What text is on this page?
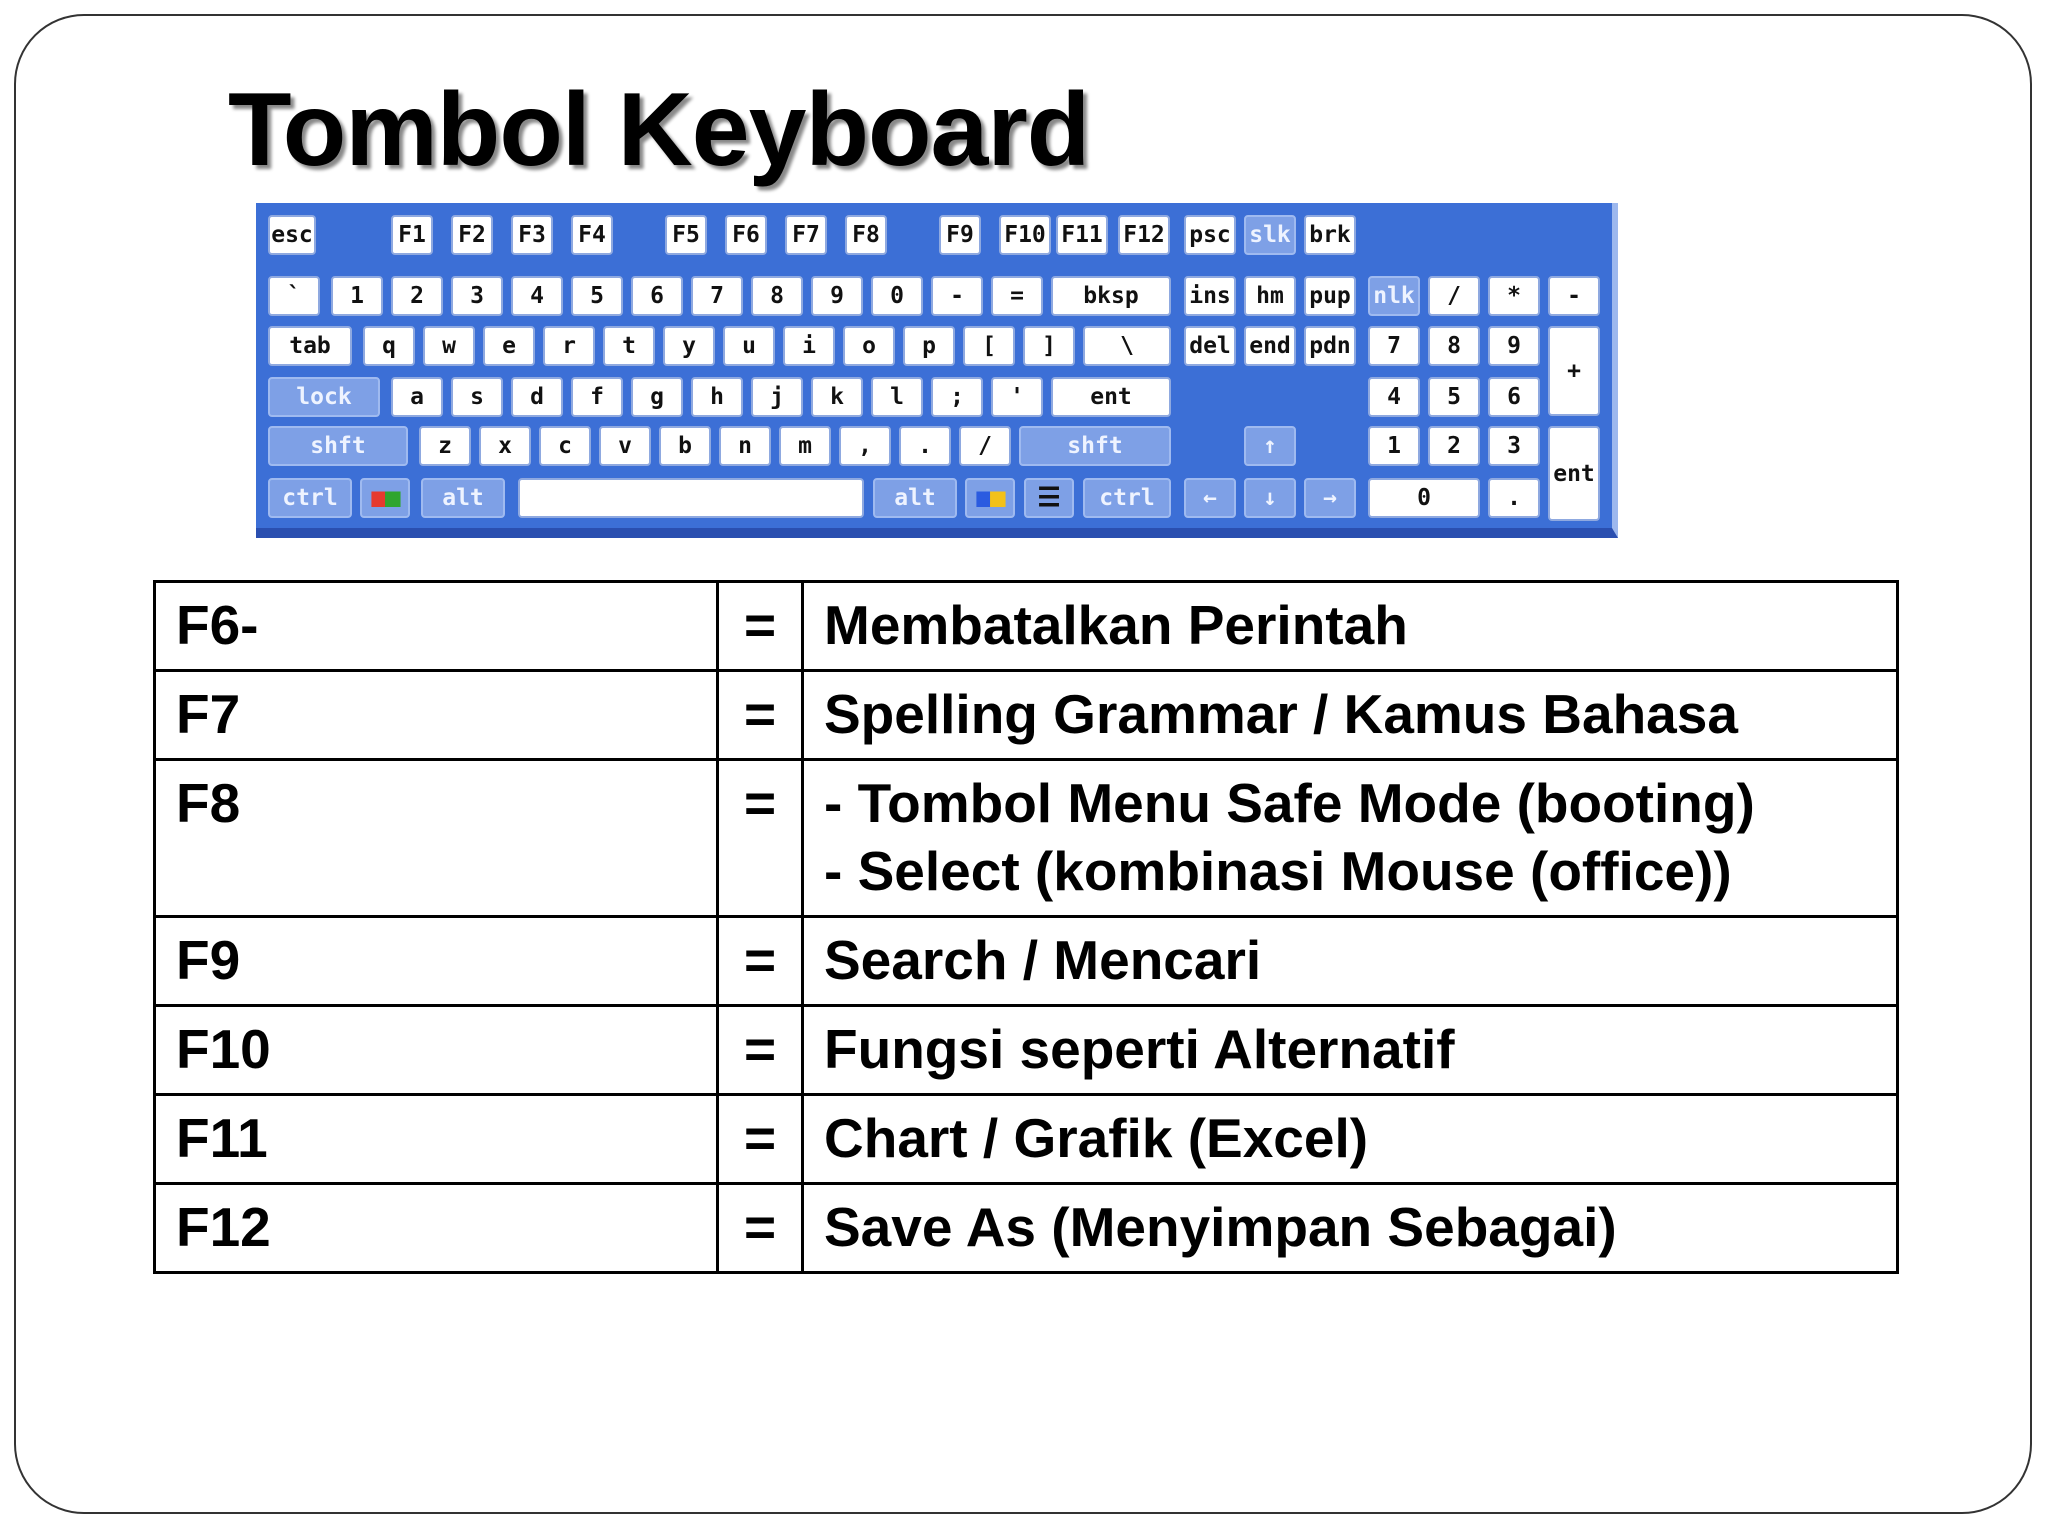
Tombol Keyboard
esc	F1	F2	F3	F4	F5	F6	F7	F8	F9	F10 F11 F12 psc slk brk
`	1	2	3	4	5	6	7	8	9	0	-	=	bksp
tab	q	w	e	r	t	y	u	i	o	p	[	]	\
lock	a	s	d	f	g	h	j	k	l	;	'	ent
shft	z	x	c	v	b	n	m	,	.	/	shft
ctrl	■ ■	alt	alt	■ ■ ☰	ctrl
ins	hm	pup
del end pdn
↑
←	↓	→
nlk	/	*	-
7	8	9
+
4	5	6
1	2	3
ent
0	.
▼
F6-	=	Membatalkan Perintah
F7	=	Spelling Grammar / Kamus Bahasa
F8	=	- Tombol Menu Safe Mode (booting)
- Select (kombinasi Mouse (office))

F9	=	Search / Mencari
F10	=	Fungsi seperti Alternatif
F11	=	Chart / Grafik (Excel)
F12	=	Save As (Menyimpan Sebagai)
